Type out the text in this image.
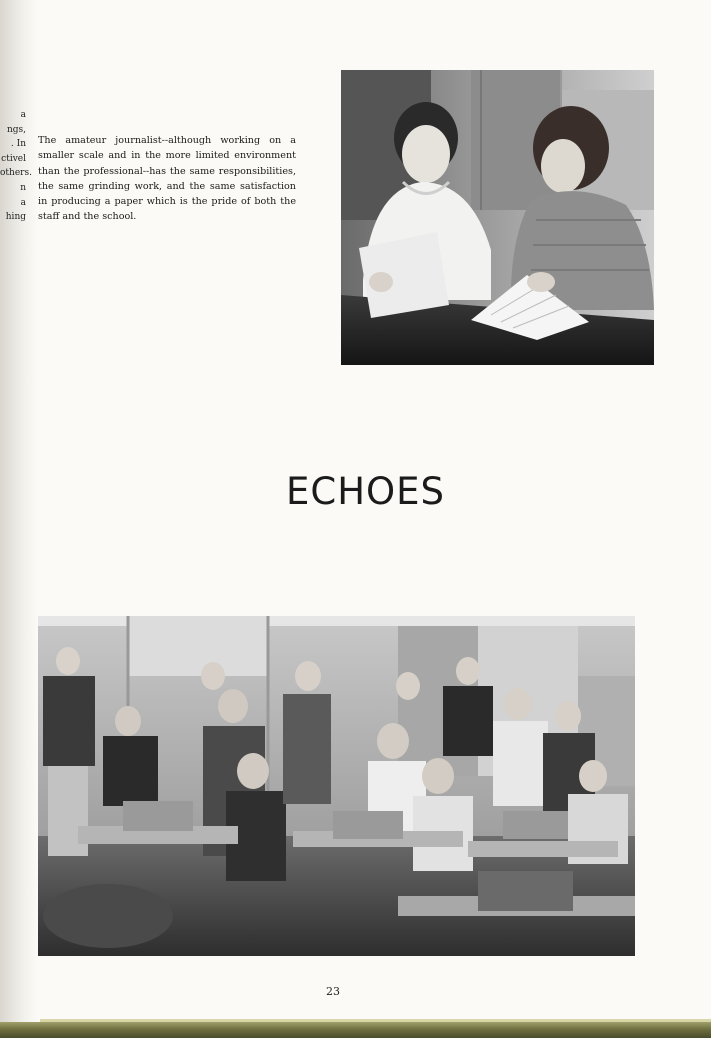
a
ngs,
. In
ctivel
others.
n
a
hing
The amateur journalist--although working on a smaller scale and in the more limited environment than the professional--has the same responsibilities, the same grinding work, and the same satisfaction in producing a paper which is the pride of both the staff and the school.
ECHOES
23
